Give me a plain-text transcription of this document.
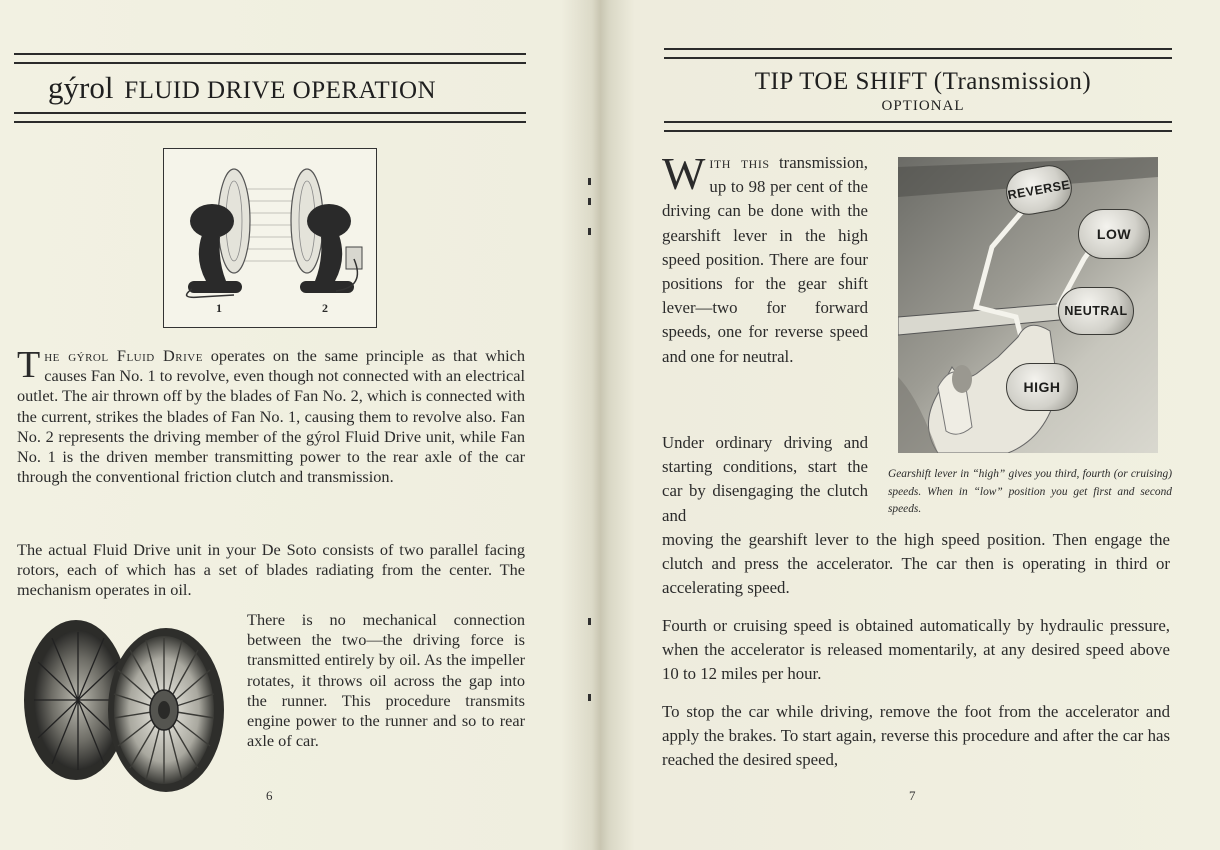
gýrol FLUID DRIVE OPERATION
1	2

The gýrol Fluid Drive operates on the same principle as that which causes Fan No. 1 to revolve, even though not connected with an electrical outlet. The air thrown off by the blades of Fan No. 2, which is connected with the current, strikes the blades of Fan No. 1, causing them to revolve also. Fan No. 2 represents the driving member of the gýrol Fluid Drive unit, while Fan No. 1 is the driven member transmitting power to the rear axle of the car through the conventional friction clutch and transmission.

The actual Fluid Drive unit in your De Soto consists of two parallel facing rotors, each of which has a set of blades radiating from the center. The mechanism operates in oil.

There is no mechanical connection between the two—the driving force is transmitted entirely by oil. As the impeller rotates, it throws oil across the gap into the runner. This procedure transmits engine power to the runner and so to rear axle of car.

6
TIP TOE SHIFT (Transmission)
OPTIONAL

With this transmission, up to 98 per cent of the driving can be done with the gearshift lever in the high speed position. There are four positions for the gear shift lever—two for forward speeds, one for reverse speed and one for neutral.

Under ordinary driving and starting conditions, start the car by disengaging the clutch and

moving the gearshift lever to the high speed position. Then engage the clutch and press the accelerator. The car then is operating in third or accelerating speed.

Fourth or cruising speed is obtained automatically by hydraulic pressure, when the accelerator is released momentarily, at any desired speed above 10 to 12 miles per hour.

To stop the car while driving, remove the foot from the accelerator and apply the brakes. To start again, reverse this procedure and after the car has reached the desired speed,

REVERSE
LOW
NEUTRAL
HIGH
Gearshift lever in “high” gives you third, fourth (or cruising) speeds. When in “low” position you get first and second speeds.
7
